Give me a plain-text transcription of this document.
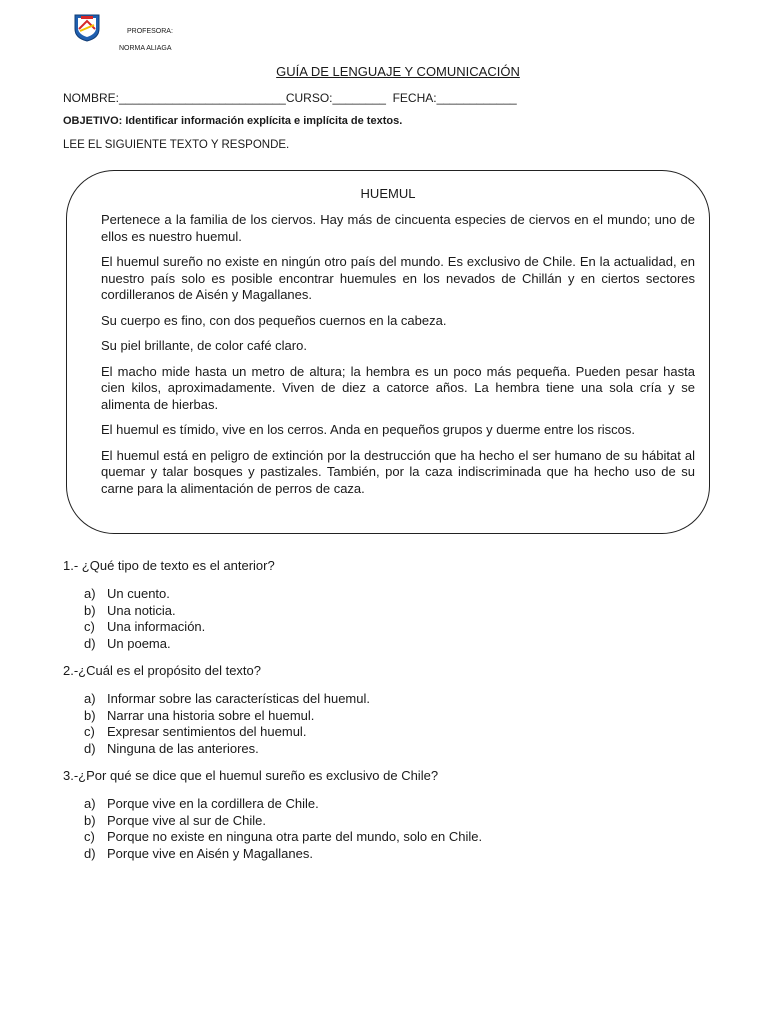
PROFESORA:
NORMA ALIAGA
GUÍA DE LENGUAJE Y COMUNICACIÓN
NOMBRE:_________________________CURSO:________  FECHA:____________
OBJETIVO: Identificar información explícita e implícita de textos.
LEE EL SIGUIENTE TEXTO Y RESPONDE.
HUEMUL

Pertenece a la familia de los ciervos. Hay más de cincuenta especies de ciervos en el mundo; uno de ellos es nuestro huemul.

El huemul sureño no existe en ningún otro país del mundo. Es exclusivo de Chile. En la actualidad, en nuestro país solo es posible encontrar huemules en los nevados de Chillán y en ciertos sectores cordilleranos de Aisén y Magallanes.

Su cuerpo es fino, con dos pequeños cuernos en la cabeza.

Su piel brillante, de color café claro.

El macho mide hasta un metro de altura; la hembra es un poco más pequeña. Pueden pesar hasta cien kilos, aproximadamente. Viven de diez a catorce años. La hembra tiene una sola cría y se alimenta de hierbas.

El huemul es tímido, vive en los cerros. Anda en pequeños grupos y duerme entre los riscos.

El huemul está en peligro de extinción por la destrucción que ha hecho el ser humano de su hábitat al quemar y talar bosques y pastizales. También, por la caza indiscriminada que ha hecho uso de su carne para la alimentación de perros de caza.

1.- ¿Qué tipo de texto es el anterior?

a) Un cuento.
b) Una noticia.
c) Una información.
d) Un poema.

2.-¿Cuál es el propósito del texto?

a) Informar sobre las características del huemul.
b) Narrar una historia sobre el huemul.
c) Expresar sentimientos del huemul.
d) Ninguna de las anteriores.

3.-¿Por qué se dice que el huemul sureño es exclusivo de Chile?

a) Porque vive en la cordillera de Chile.
b) Porque vive al sur de Chile.
c) Porque no existe en ninguna otra parte del mundo, solo en Chile.
d) Porque vive en Aisén y Magallanes.
